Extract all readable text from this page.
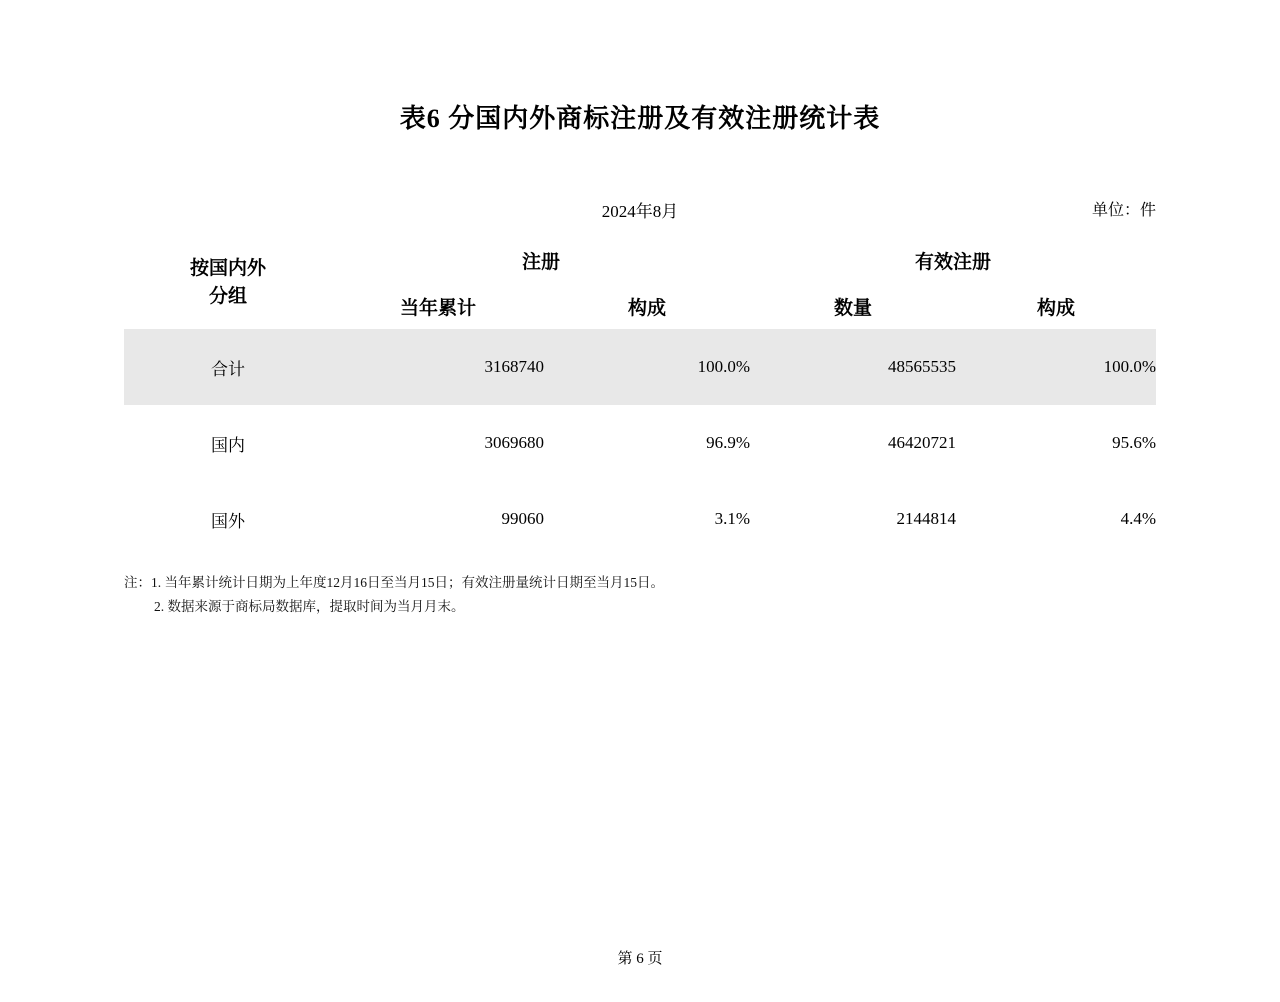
表6 分国内外商标注册及有效注册统计表
2024年8月	单位：件
按国内外
分组	注册		有效注册	
	当年累计	构成	数量	构成
合计	3168740	100.0%	48565535	100.0%
国内	3069680	96.9%	46420721	95.6%
国外	99060	3.1%	2144814	4.4%
注：1. 当年累计统计日期为上年度12月16日至当月15日；有效注册量统计日期至当月15日。
2. 数据来源于商标局数据库，提取时间为当月月末。
第 6 页
